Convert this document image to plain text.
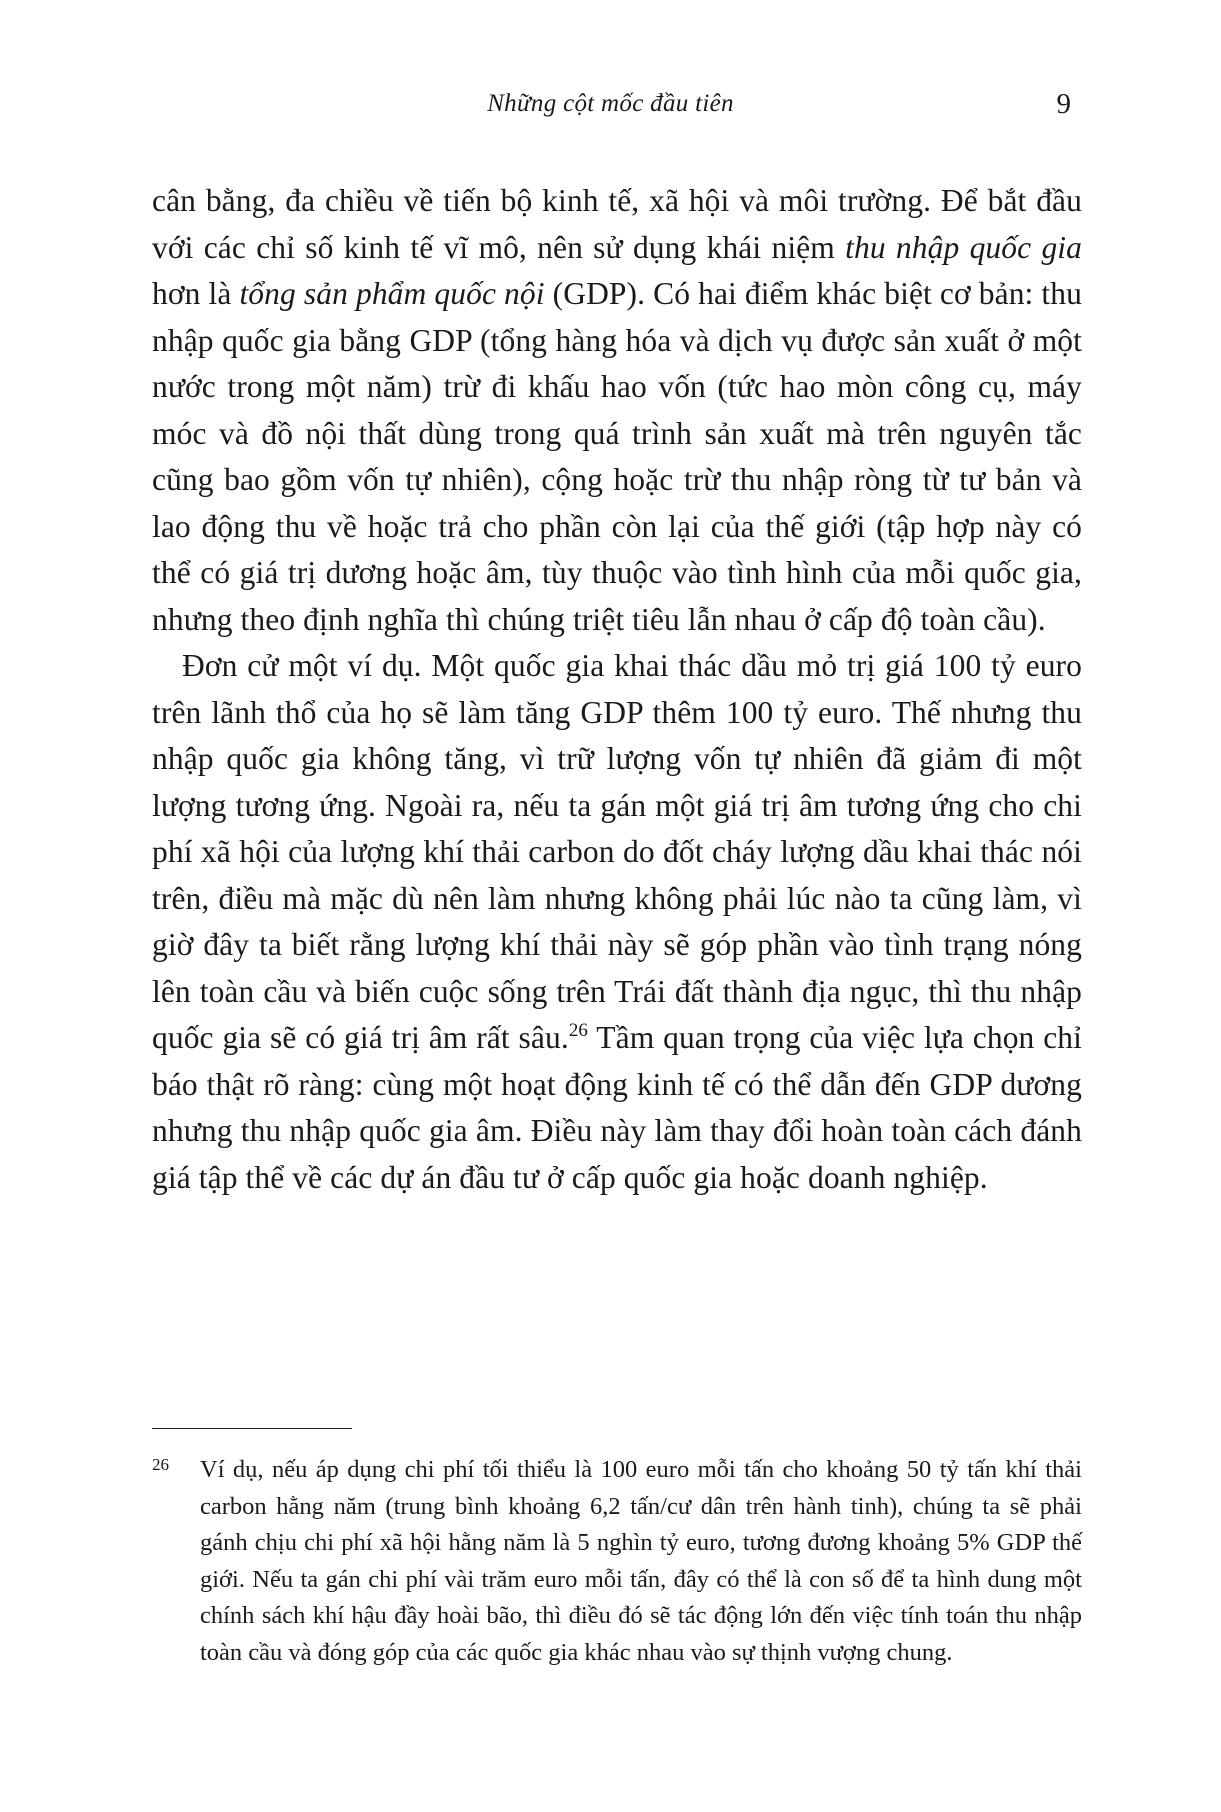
Những cột mốc đầu tiên	9

cân bằng, đa chiều về tiến bộ kinh tế, xã hội và môi trường. Để bắt đầu với các chỉ số kinh tế vĩ mô, nên sử dụng khái niệm thu nhập quốc gia hơn là tổng sản phẩm quốc nội (GDP). Có hai điểm khác biệt cơ bản: thu nhập quốc gia bằng GDP (tổng hàng hóa và dịch vụ được sản xuất ở một nước trong một năm) trừ đi khấu hao vốn (tức hao mòn công cụ, máy móc và đồ nội thất dùng trong quá trình sản xuất mà trên nguyên tắc cũng bao gồm vốn tự nhiên), cộng hoặc trừ thu nhập ròng từ tư bản và lao động thu về hoặc trả cho phần còn lại của thế giới (tập hợp này có thể có giá trị dương hoặc âm, tùy thuộc vào tình hình của mỗi quốc gia, nhưng theo định nghĩa thì chúng triệt tiêu lẫn nhau ở cấp độ toàn cầu).

Đơn cử một ví dụ. Một quốc gia khai thác dầu mỏ trị giá 100 tỷ euro trên lãnh thổ của họ sẽ làm tăng GDP thêm 100 tỷ euro. Thế nhưng thu nhập quốc gia không tăng, vì trữ lượng vốn tự nhiên đã giảm đi một lượng tương ứng. Ngoài ra, nếu ta gán một giá trị âm tương ứng cho chi phí xã hội của lượng khí thải carbon do đốt cháy lượng dầu khai thác nói trên, điều mà mặc dù nên làm nhưng không phải lúc nào ta cũng làm, vì giờ đây ta biết rằng lượng khí thải này sẽ góp phần vào tình trạng nóng lên toàn cầu và biến cuộc sống trên Trái đất thành địa ngục, thì thu nhập quốc gia sẽ có giá trị âm rất sâu.$^{26}$ Tầm quan trọng của việc lựa chọn chỉ báo thật rõ ràng: cùng một hoạt động kinh tế có thể dẫn đến GDP dương nhưng thu nhập quốc gia âm. Điều này làm thay đổi hoàn toàn cách đánh giá tập thể về các dự án đầu tư ở cấp quốc gia hoặc doanh nghiệp.

26 Ví dụ, nếu áp dụng chi phí tối thiểu là 100 euro mỗi tấn cho khoảng 50 tỷ tấn khí thải carbon hằng năm (trung bình khoảng 6,2 tấn/cư dân trên hành tinh), chúng ta sẽ phải gánh chịu chi phí xã hội hằng năm là 5 nghìn tỷ euro, tương đương khoảng 5% GDP thế giới. Nếu ta gán chi phí vài trăm euro mỗi tấn, đây có thể là con số để ta hình dung một chính sách khí hậu đầy hoài bão, thì điều đó sẽ tác động lớn đến việc tính toán thu nhập toàn cầu và đóng góp của các quốc gia khác nhau vào sự thịnh vượng chung.
